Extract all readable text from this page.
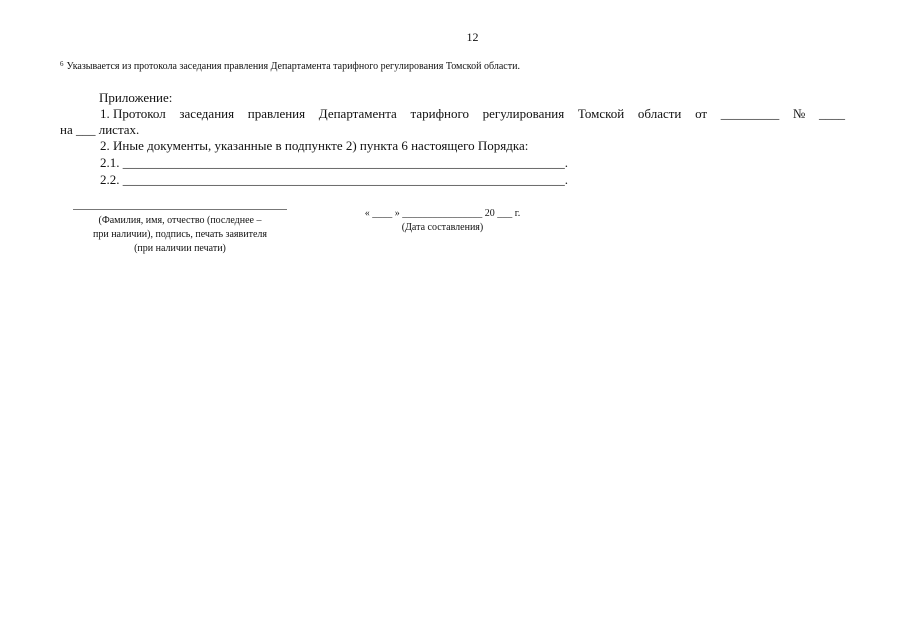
12
$^6$ Указывается из протокола заседания правления Департамента тарифного регулирования Томской области.
Приложение:
1. Протокол заседания правления Департамента тарифного регулирования Томской области от _________ № ____
на ___ листах.
2. Иные документы, указанные в подпункте 2) пункта 6 настоящего Порядка:
2.1. ____________________________________________________________________.
2.2. ____________________________________________________________________.
(Фамилия, имя, отчество (последнее –
при наличии), подпись, печать заявителя
(при наличии печати)
« ____ » ________________ 20 ___ г.
(Дата составления)
